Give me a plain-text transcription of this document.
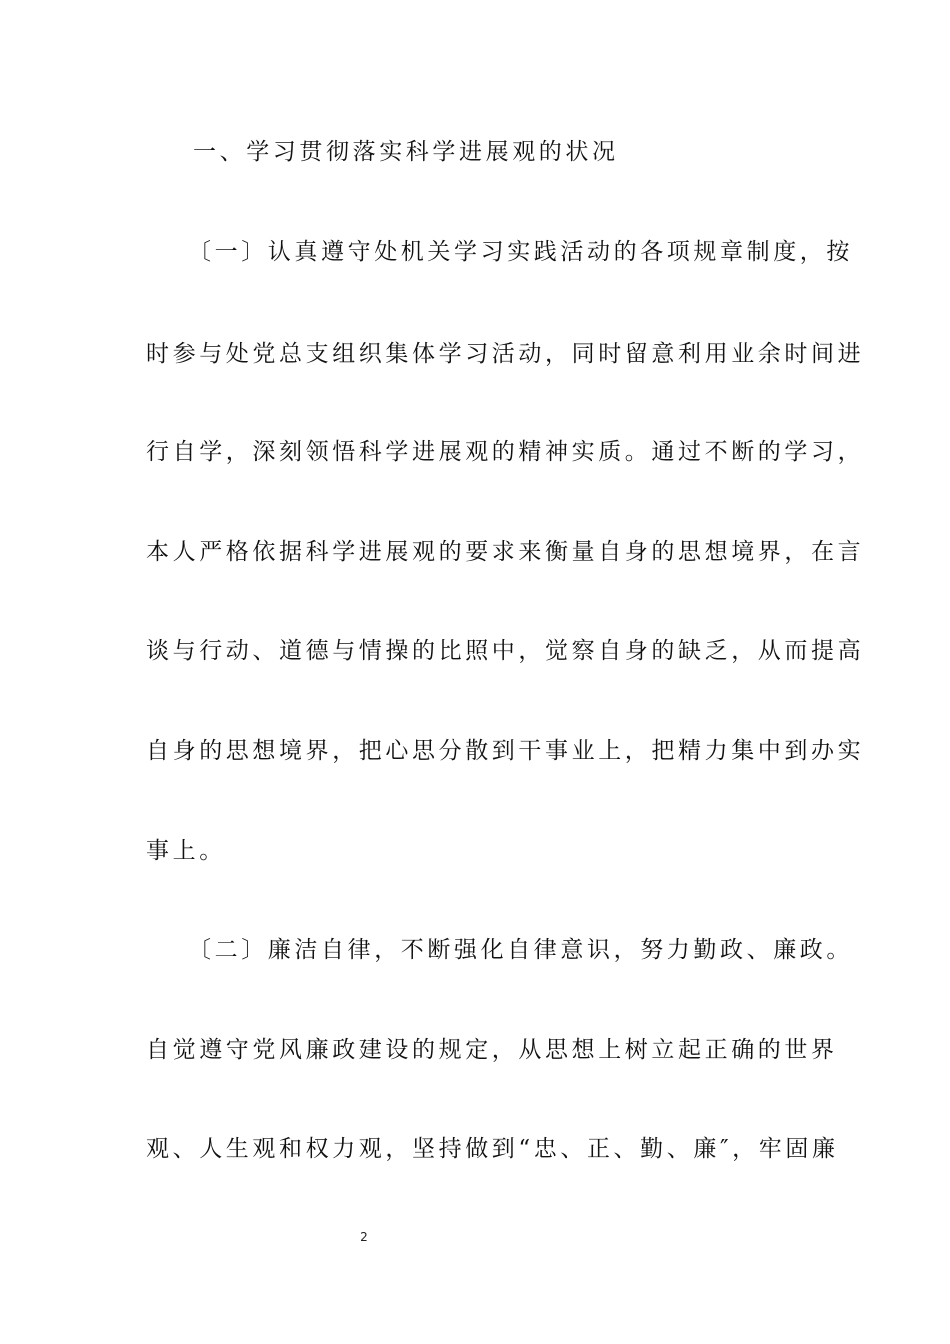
一、学习贯彻落实科学进展观的状况
〔一〕认真遵守处机关学习实践活动的各项规章制度，按
时参与处党总支组织集体学习活动，同时留意利用业余时间进
行自学，深刻领悟科学进展观的精神实质。通过不断的学习，
本人严格依据科学进展观的要求来衡量自身的思想境界，在言
谈与行动、道德与情操的比照中，觉察自身的缺乏，从而提高
自身的思想境界，把心思分散到干事业上，把精力集中到办实
事上。
〔二〕廉洁自律，不断强化自律意识，努力勤政、廉政。
自觉遵守党风廉政建设的规定，从思想上树立起正确的世界
观、人生观和权力观，坚持做到“忠、正、勤、廉″，牢固廉
2
